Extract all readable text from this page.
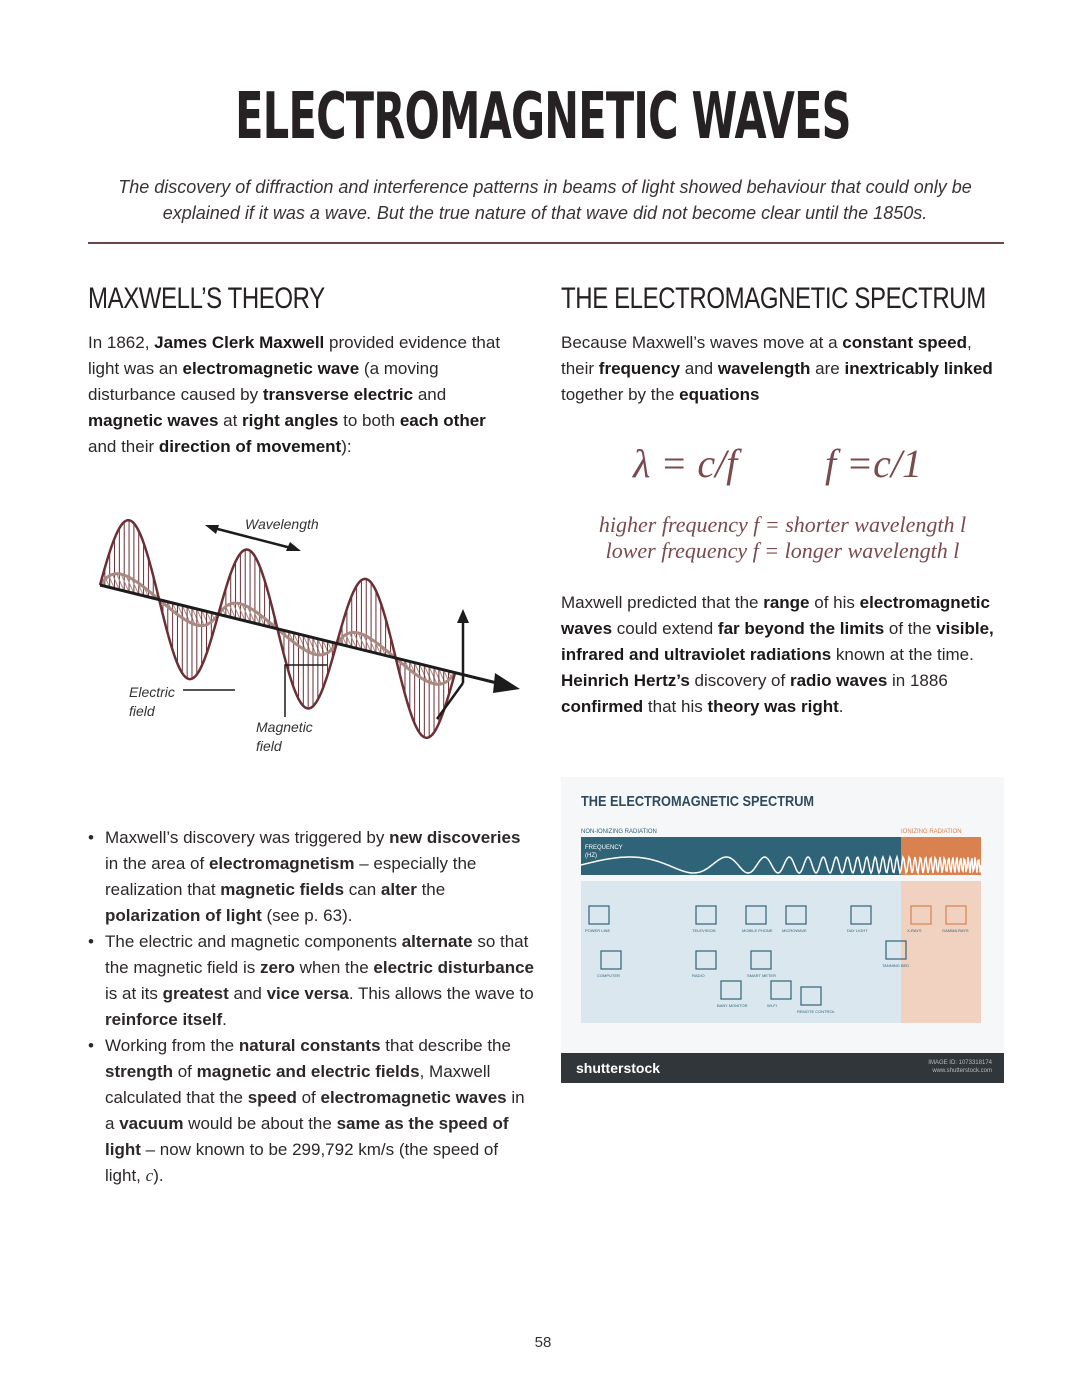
ELECTROMAGNETIC WAVES
The discovery of diffraction and interference patterns in beams of light showed behaviour that could only be explained if it was a wave. But the true nature of that wave did not become clear until the 1850s.
MAXWELL’S THEORY
In 1862, James Clerk Maxwell provided evidence that light was an electromagnetic wave (a moving disturbance caused by transverse electric and magnetic waves at right angles to both each other and their direction of movement):
Wavelength
Electric
field
Magnetic
field
• Maxwell’s discovery was triggered by new discoveries in the area of electromagnetism – especially the realization that magnetic fields can alter the polarization of light (see p. 63).
• The electric and magnetic components alternate so that the magnetic field is zero when the electric disturbance is at its greatest and vice versa. This allows the wave to reinforce itself.
• Working from the natural constants that describe the strength of magnetic and electric fields, Maxwell calculated that the speed of electromagnetic waves in a vacuum would be about the same as the speed of light – now known to be 299,792 km/s (the speed of light, c).
THE ELECTROMAGNETIC SPECTRUM
Because Maxwell’s waves move at a constant speed, their frequency and wavelength are inextricably linked together by the equations
λ = c/f f =c/1
higher frequency f = shorter wavelength l
lower frequency f = longer wavelength l
Maxwell predicted that the range of his electromagnetic waves could extend far beyond the limits of the visible, infrared and ultraviolet radiations known at the time. Heinrich Hertz’s discovery of radio waves in 1886 confirmed that his theory was right.
THE ELECTROMAGNETIC SPECTRUM
NON-IONIZING RADIATION	IONIZING RADIATION
FREQUENCY
(HZ)
POWER LINE	TELEVISION	MOBILE PHONE MICROWAVE	DAY LIGHT	X-RAYS	GAMMA RAYS
COMPUTER	RADIO	SMART METER
TANNING BED
BABY MONITOR	WI-FI
REMOTE CONTROL
shutterstock	IMAGE ID: 1073318174
www.shutterstock.com
58
